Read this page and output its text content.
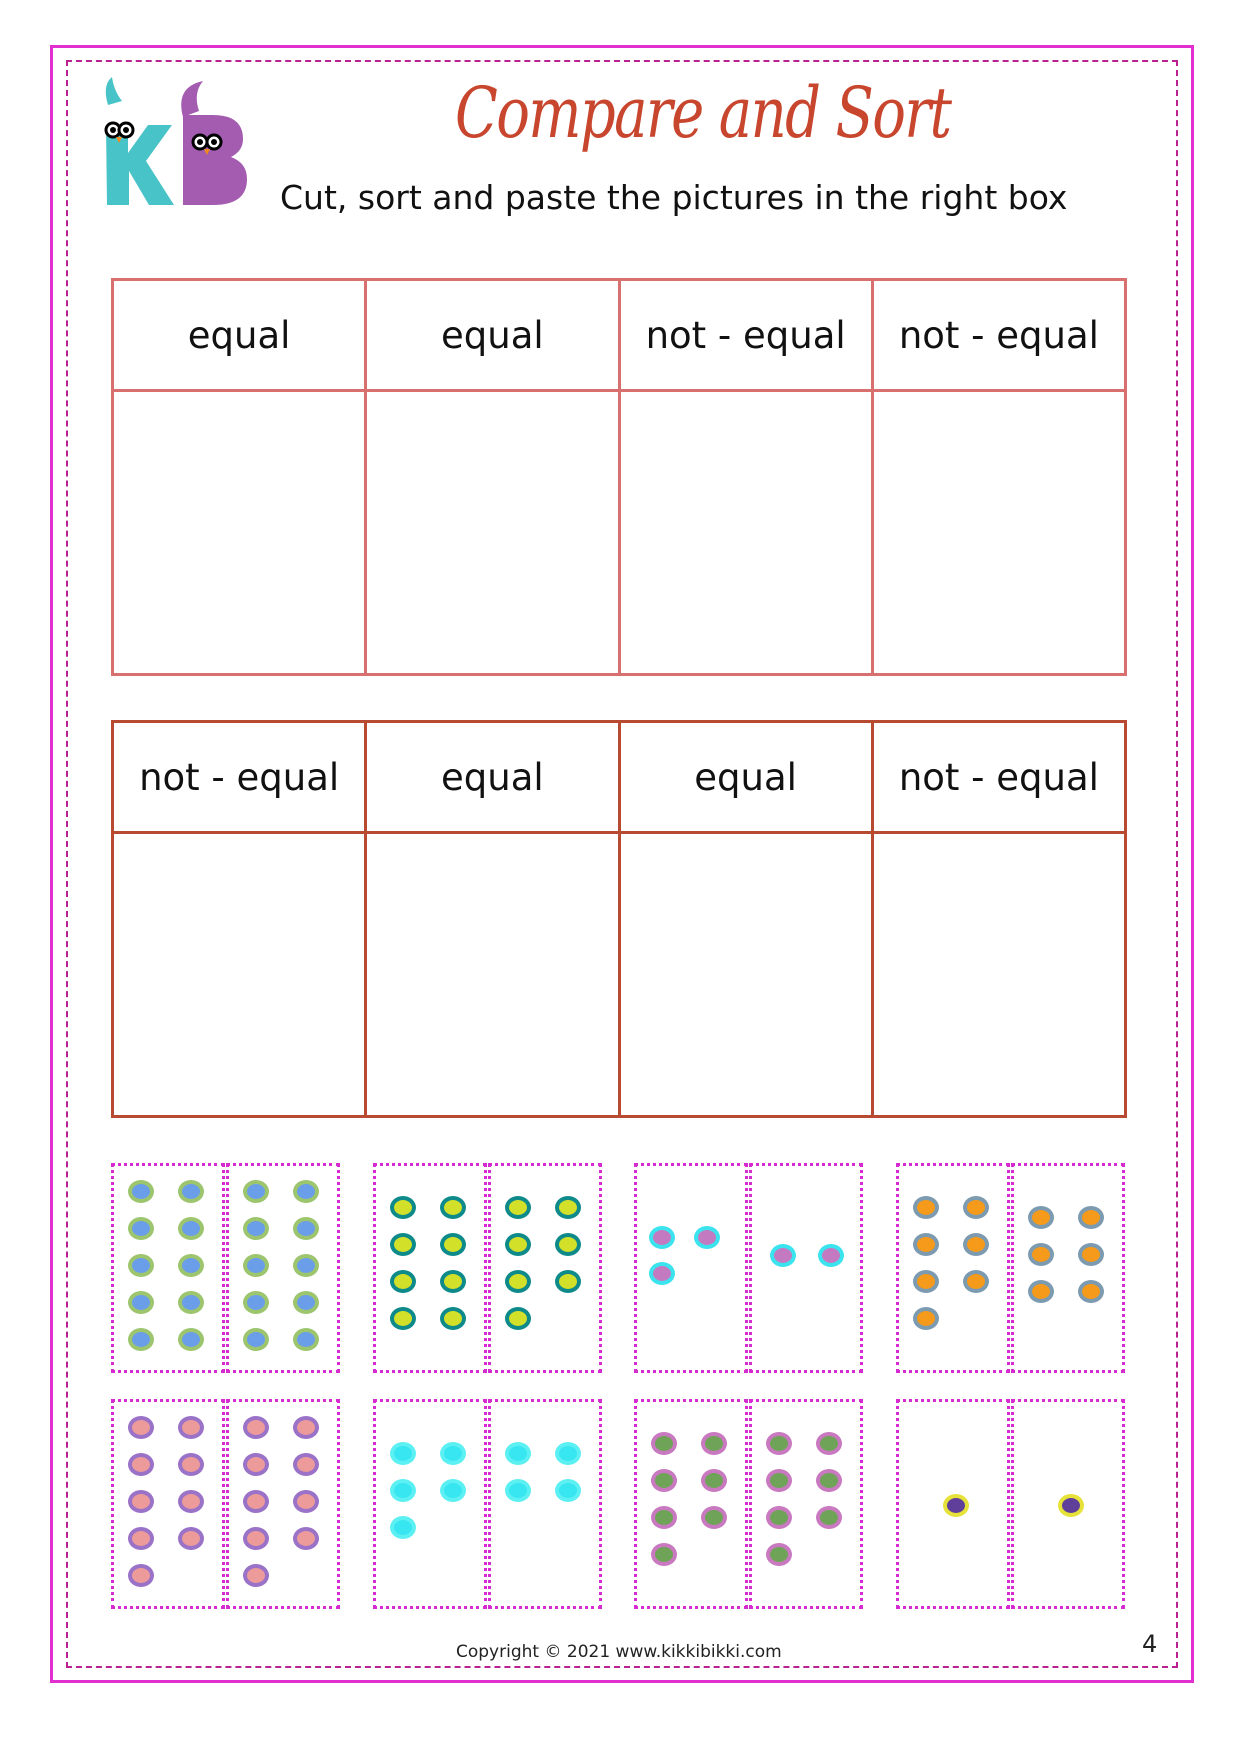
Compare and Sort
Cut, sort and paste the pictures in the right box
equal	equal	not - equal	not - equal

not - equal	equal	equal	not - equal

Copyright © 2021 www.kikkibikki.com	4
